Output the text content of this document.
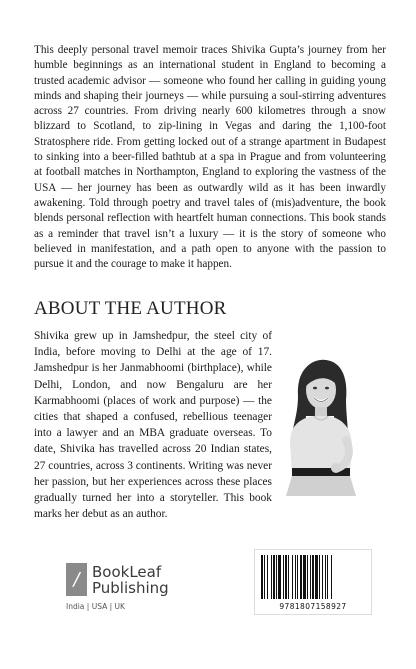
This deeply personal travel memoir traces Shivika Gupta’s journey from her humble beginnings as an international student in England to becoming a trusted academic advisor — someone who found her calling in guiding young minds and shaping their journeys — while pursuing a soul-stirring adventures across 27 countries. From driving nearly 600 kilometres through a snow blizzard to Scotland, to zip-lining in Vegas and daring the 1,100-foot Stratosphere ride. From getting locked out of a strange apartment in Budapest to sinking into a beer-filled bathtub at a spa in Prague and from volunteering at football matches in Northampton, England to exploring the vastness of the USA — her journey has been as outwardly wild as it has been inwardly awakening. Told through poetry and travel tales of (mis)adventure, the book blends personal reflection with heartfelt human connections. This book stands as a reminder that travel isn’t a luxury — it is the story of someone who believed in manifestation, and a path open to anyone with the passion to pursue it and the courage to make it happen.
ABOUT THE AUTHOR
Shivika grew up in Jamshedpur, the steel city of India, before moving to Delhi at the age of 17. Jamshedpur is her Janmabhoomi (birthplace), while Delhi, London, and now Bengaluru are her Karmabhoomi (places of work and purpose) — the cities that shaped a confused, rebellious teenager into a lawyer and an MBA graduate overseas. To date, Shivika has travelled across 20 Indian states, 27 countries, across 3 continents. Writing was never her passion, but her experiences across these places gradually turned her into a storyteller. This book marks her debut as an author.
/ BookLeaf
Publishing
India | USA | UK	9781807158927
